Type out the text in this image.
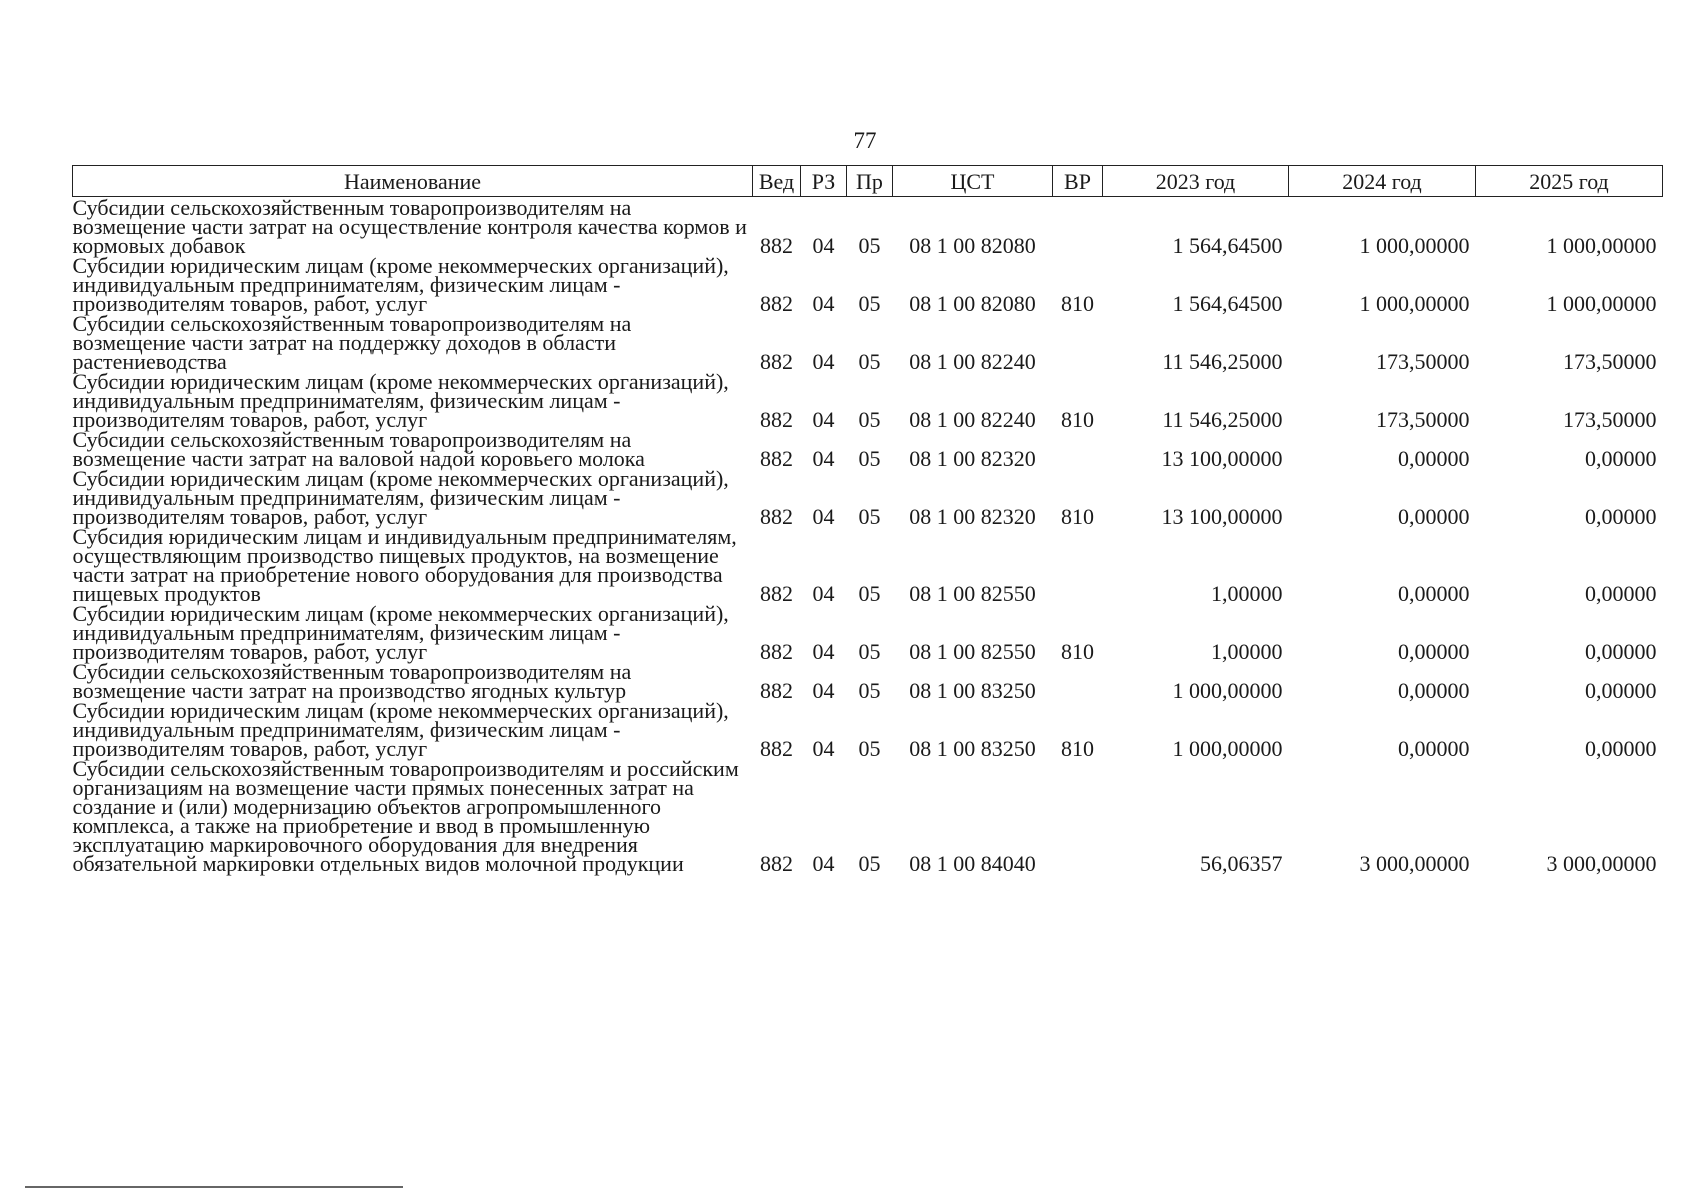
77
Наименование	Вед	РЗ	Пр	ЦСТ	ВР	2023 год	2024 год	2025 год
Субсидии сельскохозяйственным товаропроизводителям на возмещение части затрат на осуществление контроля качества кормов и кормовых добавок	882	04	05	08 1 00 82080		1 564,64500	1 000,00000	1 000,00000
Субсидии юридическим лицам (кроме некоммерческих организаций), индивидуальным предпринимателям, физическим лицам - производителям товаров, работ, услуг	882	04	05	08 1 00 82080	810	1 564,64500	1 000,00000	1 000,00000
Субсидии сельскохозяйственным товаропроизводителям на возмещение части затрат на поддержку доходов в области растениеводства	882	04	05	08 1 00 82240		11 546,25000	173,50000	173,50000
Субсидии юридическим лицам (кроме некоммерческих организаций), индивидуальным предпринимателям, физическим лицам - производителям товаров, работ, услуг	882	04	05	08 1 00 82240	810	11 546,25000	173,50000	173,50000
Субсидии сельскохозяйственным товаропроизводителям на возмещение части затрат на валовой надой коровьего молока	882	04	05	08 1 00 82320		13 100,00000	0,00000	0,00000
Субсидии юридическим лицам (кроме некоммерческих организаций), индивидуальным предпринимателям, физическим лицам - производителям товаров, работ, услуг	882	04	05	08 1 00 82320	810	13 100,00000	0,00000	0,00000
Субсидия юридическим лицам и индивидуальным предпринимателям, осуществляющим производство пищевых продуктов, на возмещение части затрат на приобретение нового оборудования для производства пищевых продуктов	882	04	05	08 1 00 82550		1,00000	0,00000	0,00000
Субсидии юридическим лицам (кроме некоммерческих организаций), индивидуальным предпринимателям, физическим лицам - производителям товаров, работ, услуг	882	04	05	08 1 00 82550	810	1,00000	0,00000	0,00000
Субсидии сельскохозяйственным товаропроизводителям на возмещение части затрат на производство ягодных культур	882	04	05	08 1 00 83250		1 000,00000	0,00000	0,00000
Субсидии юридическим лицам (кроме некоммерческих организаций), индивидуальным предпринимателям, физическим лицам - производителям товаров, работ, услуг	882	04	05	08 1 00 83250	810	1 000,00000	0,00000	0,00000
Субсидии сельскохозяйственным товаропроизводителям и российским организациям на возмещение части прямых понесенных затрат на создание и (или) модернизацию объектов агропромышленного комплекса, а также на приобретение и ввод в промышленную эксплуатацию маркировочного оборудования для внедрения обязательной маркировки отдельных видов молочной продукции	882	04	05	08 1 00 84040		56,06357	3 000,00000	3 000,00000
